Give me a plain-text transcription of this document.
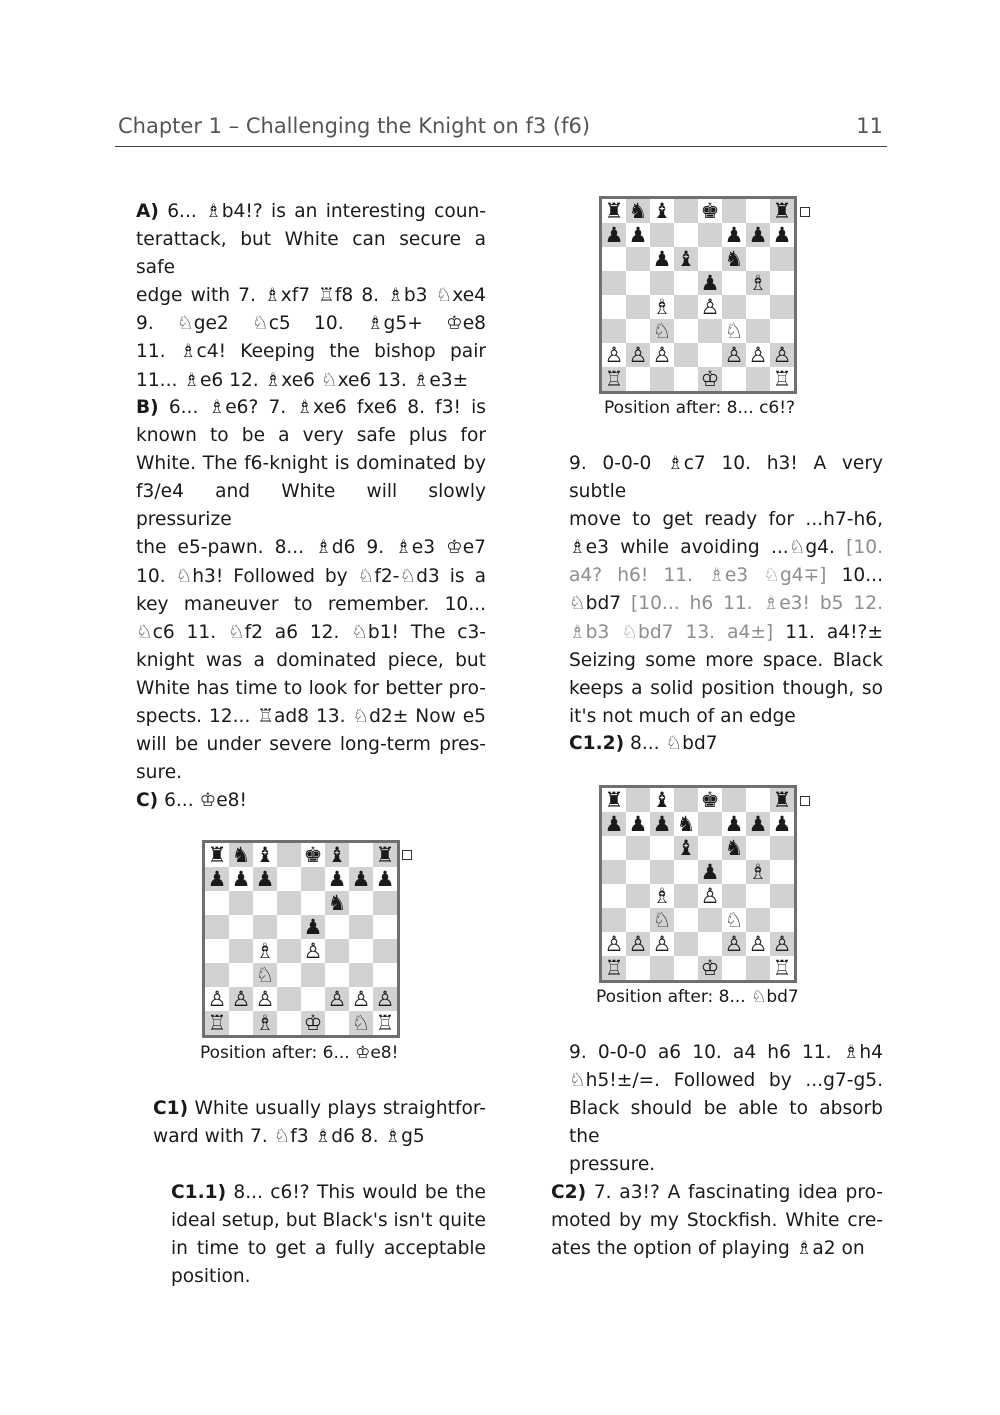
Chapter 1 – Challenging the Knight on f3 (f6)	11
A) 6... ♗b4!? is an interesting coun-
terattack, but White can secure a safe
edge with 7. ♗xf7 ♖f8 8. ♗b3 ♘xe4
9. ♘ge2 ♘c5 10. ♗g5+ ♔e8
11. ♗c4! Keeping the bishop pair
11... ♗e6 12. ♗xe6 ♘xe6 13. ♗e3±
B) 6... ♗e6? 7. ♗xe6 fxe6 8. f3! is
known to be a very safe plus for
White. The f6-knight is dominated by
f3/e4 and White will slowly pressurize
the e5-pawn. 8... ♗d6 9. ♗e3 ♔e7
10. ♘h3! Followed by ♘f2-♘d3 is a
key maneuver to remember. 10...
♘c6 11. ♘f2 a6 12. ♘b1! The c3-
knight was a dominated piece, but
White has time to look for better pro-
spects. 12... ♖ad8 13. ♘d2± Now e5
will be under severe long-term pres-
sure.
C) 6... ♔e8!
♜ ♞ ♝ ♚ ♝ ♜
♟ ♟ ♟	♟ ♟ ♟
♞
♟
♗ ♙
♘
♙ ♙ ♙	♙ ♙ ♙
♖ ♗ ♔ ♘ ♖
Position after: 6... ♔e8!
C1) White usually plays straightfor-
ward with 7. ♘f3 ♗d6 8. ♗g5
C1.1) 8... c6!? This would be the
ideal setup, but Black's isn't quite
in time to get a fully acceptable
position.
♜ ♞ ♝ ♚	♜
♟ ♟	♟ ♟ ♟
♟ ♝ ♞
♟ ♗
♗ ♙
♘	♘
♙ ♙ ♙	♙ ♙ ♙
♖	♔	♖
Position after: 8... c6!?
9. 0-0-0 ♗c7 10. h3! A very subtle
move to get ready for ...h7-h6,
♗e3 while avoiding ...♘g4. [10.
a4? h6! 11. ♗e3 ♘g4∓] 10...
♘bd7 [10... h6 11. ♗e3! b5 12.
♗b3 ♘bd7 13. a4±] 11. a4!?±
Seizing some more space. Black
keeps a solid position though, so
it's not much of an edge
C1.2) 8... ♘bd7
♜ ♝ ♚	♜
♟ ♟ ♟ ♞ ♟ ♟ ♟
♝ ♞
♟ ♗
♗ ♙
♘	♘
♙ ♙ ♙	♙ ♙ ♙
♖	♔	♖
Position after: 8... ♘bd7
9. 0-0-0 a6 10. a4 h6 11. ♗h4
♘h5!±/=. Followed by ...g7-g5.
Black should be able to absorb the
pressure.
C2) 7. a3!? A fascinating idea pro-
moted by my Stockfish. White cre-
ates the option of playing ♗a2 on
